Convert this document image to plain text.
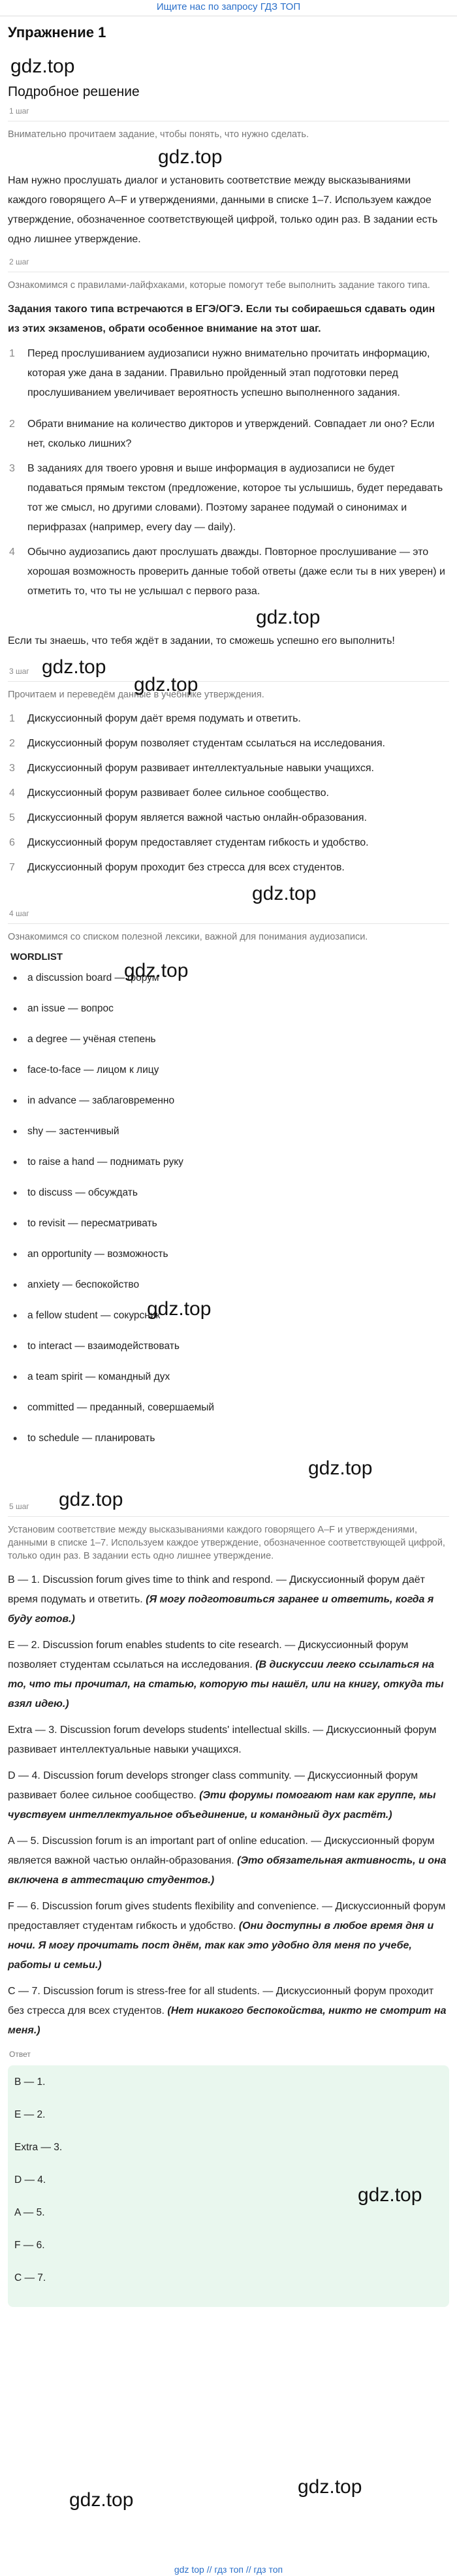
Ищите нас по запросу ГДЗ ТОП
Упражнение 1
gdz.top
Подробное решение
1 шаг
Внимательно прочитаем задание, чтобы понять, что нужно сделать.
gdz.top
Нам нужно прослушать диалог и установить соответствие между высказываниями каждого говорящего A–F и утверждениями, данными в списке 1–7. Используем каждое утверждение, обозначенное соответствующей цифрой, только один раз. В задании есть одно лишнее утверждение.
2 шаг
Ознакомимся с правилами-лайфхаками, которые помогут тебе выполнить задание такого типа.
Задания такого типа встречаются в ЕГЭ/ОГЭ. Если ты собираешься сдавать один из этих экзаменов, обрати особенное внимание на этот шаг.
1 Перед прослушиванием аудиозаписи нужно внимательно прочитать информацию, которая уже дана в задании. Правильно пройденный этап подготовки перед прослушиванием увеличивает вероятность успешно выполненного задания.
2 Обрати внимание на количество дикторов и утверждений. Совпадает ли оно? Если нет, сколько лишних?
3 В заданиях для твоего уровня и выше информация в аудиозаписи не будет подаваться прямым текстом (предложение, которое ты услышишь, будет передавать тот же смысл, но другими словами). Поэтому заранее подумай о синонимах и перифразах (например, every day — daily).
4 Обычно аудиозапись дают прослушать дважды. Повторное прослушивание — это хорошая возможность проверить данные тобой ответы (даже если ты в них уверен) и отметить то, что ты не услышал с первого раза.
gdz.top
Если ты знаешь, что тебя ждёт в задании, то сможешь успешно его выполнить!
gdz.top
3 шаг
Прочитаем и переведём данные в учебнике утверждения.
1 Дискуссионный форум даёт время подумать и ответить.
2 Дискуссионный форум позволяет студентам ссылаться на исследования.
3 Дискуссионный форум развивает интеллектуальные навыки учащихся.
4 Дискуссионный форум развивает более сильное сообщество.
5 Дискуссионный форум является важной частью онлайн-образования.
6 Дискуссионный форум предоставляет студентам гибкость и удобство.
7 Дискуссионный форум проходит без стресса для всех студентов.
gdz.top
4 шаг
Ознакомимся со списком полезной лексики, важной для понимания аудиозаписи.
WORDLIST
• a discussion board — форум
• an issue — вопрос
• a degree — учёная степень
• face-to-face — лицом к лицу
• in advance — заблаговременно
• shy — застенчивый
• to raise a hand — поднимать руку
• to discuss — обсуждать
• to revisit — пересматривать
• an opportunity — возможность
• anxiety — беспокойство
• a fellow student — сокурсник
• to interact — взаимодействовать
• a team spirit — командный дух
• committed — преданный, совершаемый
• to schedule — планировать
gdz.top
gdz.top
5 шаг
Установим соответствие между высказываниями каждого говорящего A–F и утверждениями, данными в списке 1–7. Используем каждое утверждение, обозначенное соответствующей цифрой, только один раз. В задании есть одно лишнее утверждение.
B — 1. Discussion forum gives time to think and respond. — Дискуссионный форум даёт время подумать и ответить. (Я могу подготовиться заранее и ответить, когда я буду готов.)
E — 2. Discussion forum enables students to cite research. — Дискуссионный форум позволяет студентам ссылаться на исследования. (В дискуссии легко ссылаться на то, что ты прочитал, на статью, которую ты нашёл, или на книгу, откуда ты взял идею.)
Extra — 3. Discussion forum develops students' intellectual skills. — Дискуссионный форум развивает интеллектуальные навыки учащихся.
D — 4. Discussion forum develops stronger class community. — Дискуссионный форум развивает более сильное сообщество. (Эти форумы помогают нам как группе, мы чувствуем интеллектуальное объединение, и командный дух растёт.)
A — 5. Discussion forum is an important part of online education. — Дискуссионный форум является важной частью онлайн-образования. (Это обязательная активность, и она включена в аттестацию студентов.)
F — 6. Discussion forum gives students flexibility and convenience. — Дискуссионный форум предоставляет студентам гибкость и удобство. (Они доступны в любое время дня и ночи. Я могу прочитать пост днём, так как это удобно для меня по учебе, работы и семьи.)
C — 7. Discussion forum is stress-free for all students. — Дискуссионный форум проходит без стресса для всех студентов. (Нет никакого беспокойства, никто не смотрит на меня.)
Ответ
B — 1.
E — 2.
Extra — 3.
D — 4.
A — 5.
F — 6.
C — 7.
gdz.top
gdz.top
gdz.top
gdz.top
gdz.top
gdz.top
gdz top // гдз топ // гдз топ
